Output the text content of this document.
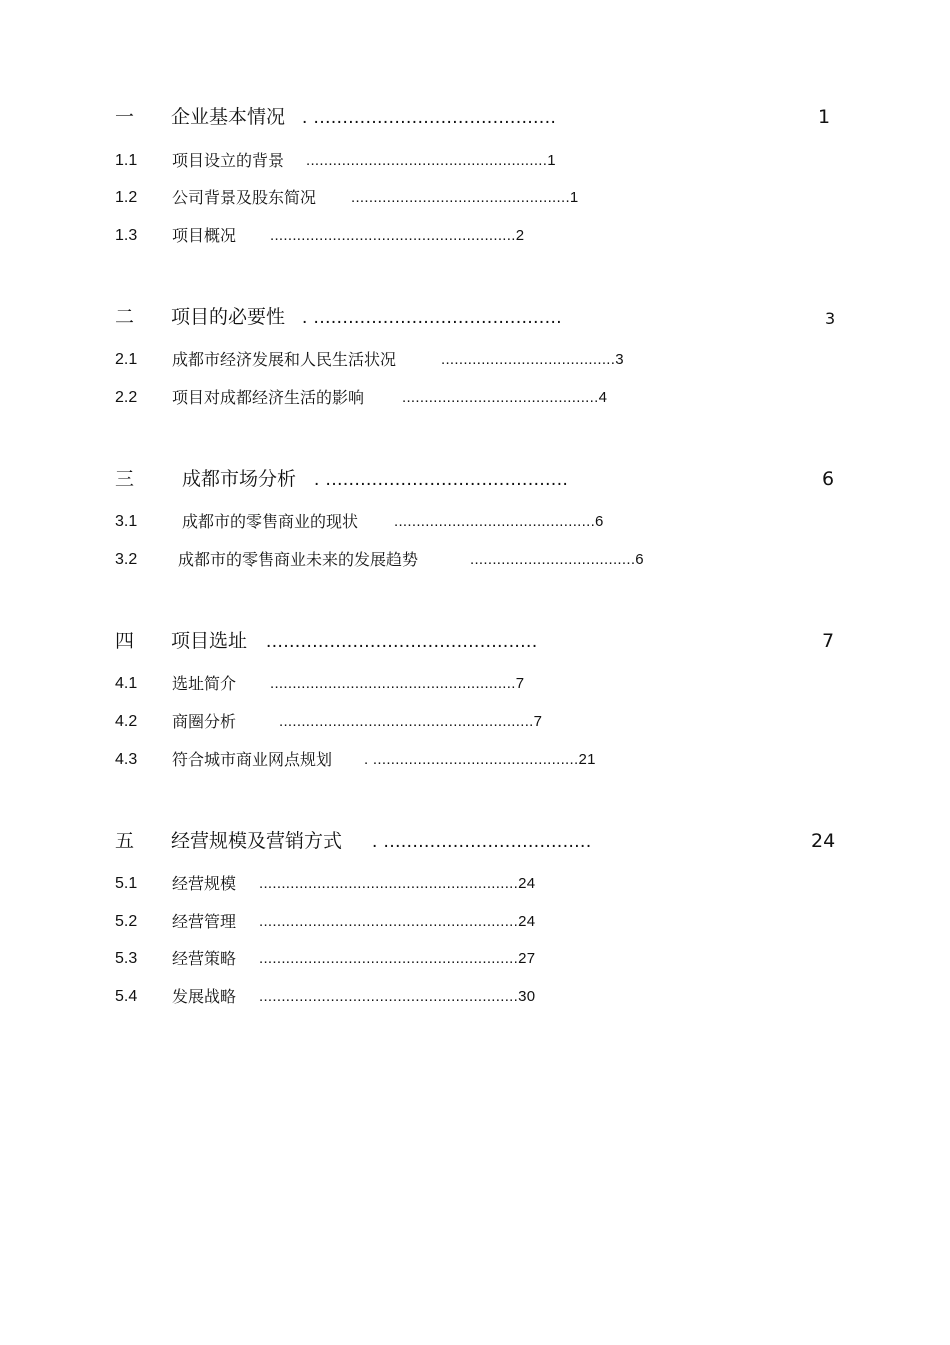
一 企业基本情况 . ..........................................	1
1.1 项目设立的背景 ......................................................1
1.2 公司背景及股东简况 .................................................1
1.3 项目概况 .......................................................2
二 项目的必要性 . ...........................................	3
2.1 成都市经济发展和人民生活状况	.......................................3
2.2 项目对成都经济生活的影响	............................................4
三	成都市场分析 . ..........................................	6
3.1	成都市的零售商业的现状 .............................................6
3.2	成都市的零售商业未来的发展趋势	.....................................6
四 项目选址 ...............................................	7
4.1 选址简介 .......................................................7
4.2 商圈分析	.........................................................7
4.3 符合城市商业网点规划 . ..............................................21
五 经营规模及营销方式 . ....................................	24
5.1 经营规模 ..........................................................24
5.2 经营管理 ..........................................................24
5.3 经营策略 ..........................................................27
5.4 发展战略 ..........................................................30
